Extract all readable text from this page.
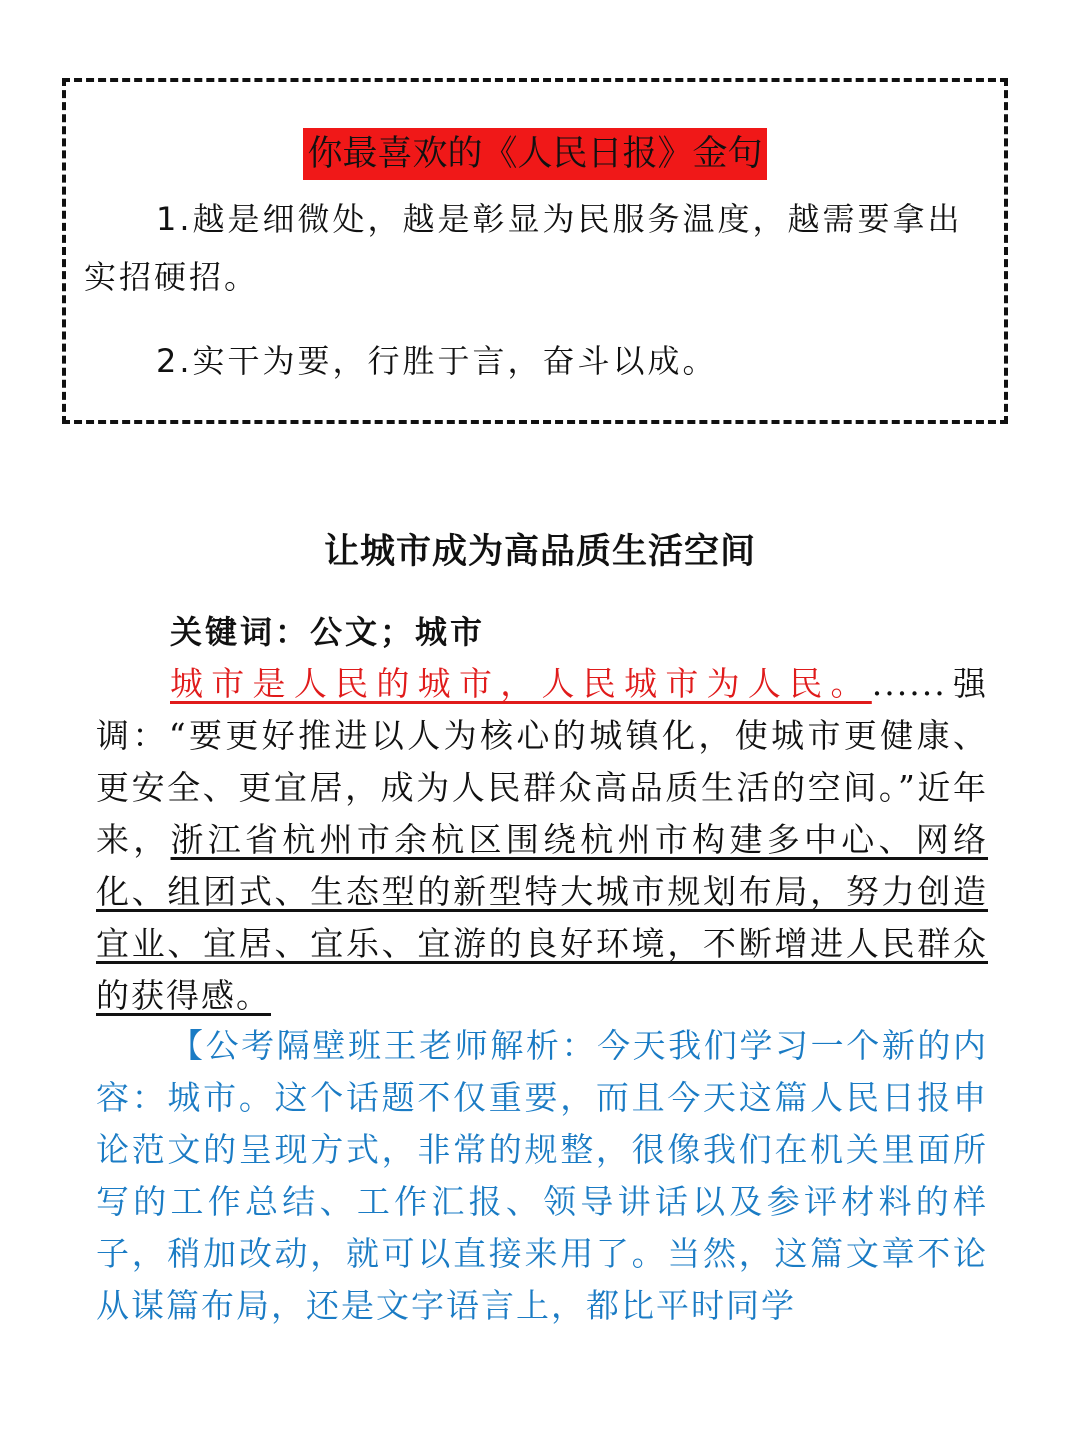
你最喜欢的《人民日报》金句
1.越是细微处，越是彰显为民服务温度，越需要拿出实招硬招。
2.实干为要，行胜于言，奋斗以成。
让城市成为高品质生活空间
关键词：公文；城市
城市是人民的城市，人民城市为人民。......强调：“要更好推进以人为核心的城镇化，使城市更健康、更安全、更宜居，成为人民群众高品质生活的空间。”近年来，浙江省杭州市余杭区围绕杭州市构建多中心、网络化、组团式、生态型的新型特大城市规划布局，努力创造宜业、宜居、宜乐、宜游的良好环境，不断增进人民群众的获得感。
【公考隔壁班王老师解析：今天我们学习一个新的内容：城市。这个话题不仅重要，而且今天这篇人民日报申论范文的呈现方式，非常的规整，很像我们在机关里面所写的工作总结、工作汇报、领导讲话以及参评材料的样子，稍加改动，就可以直接来用了。当然，这篇文章不论从谋篇布局，还是文字语言上，都比平时同学
